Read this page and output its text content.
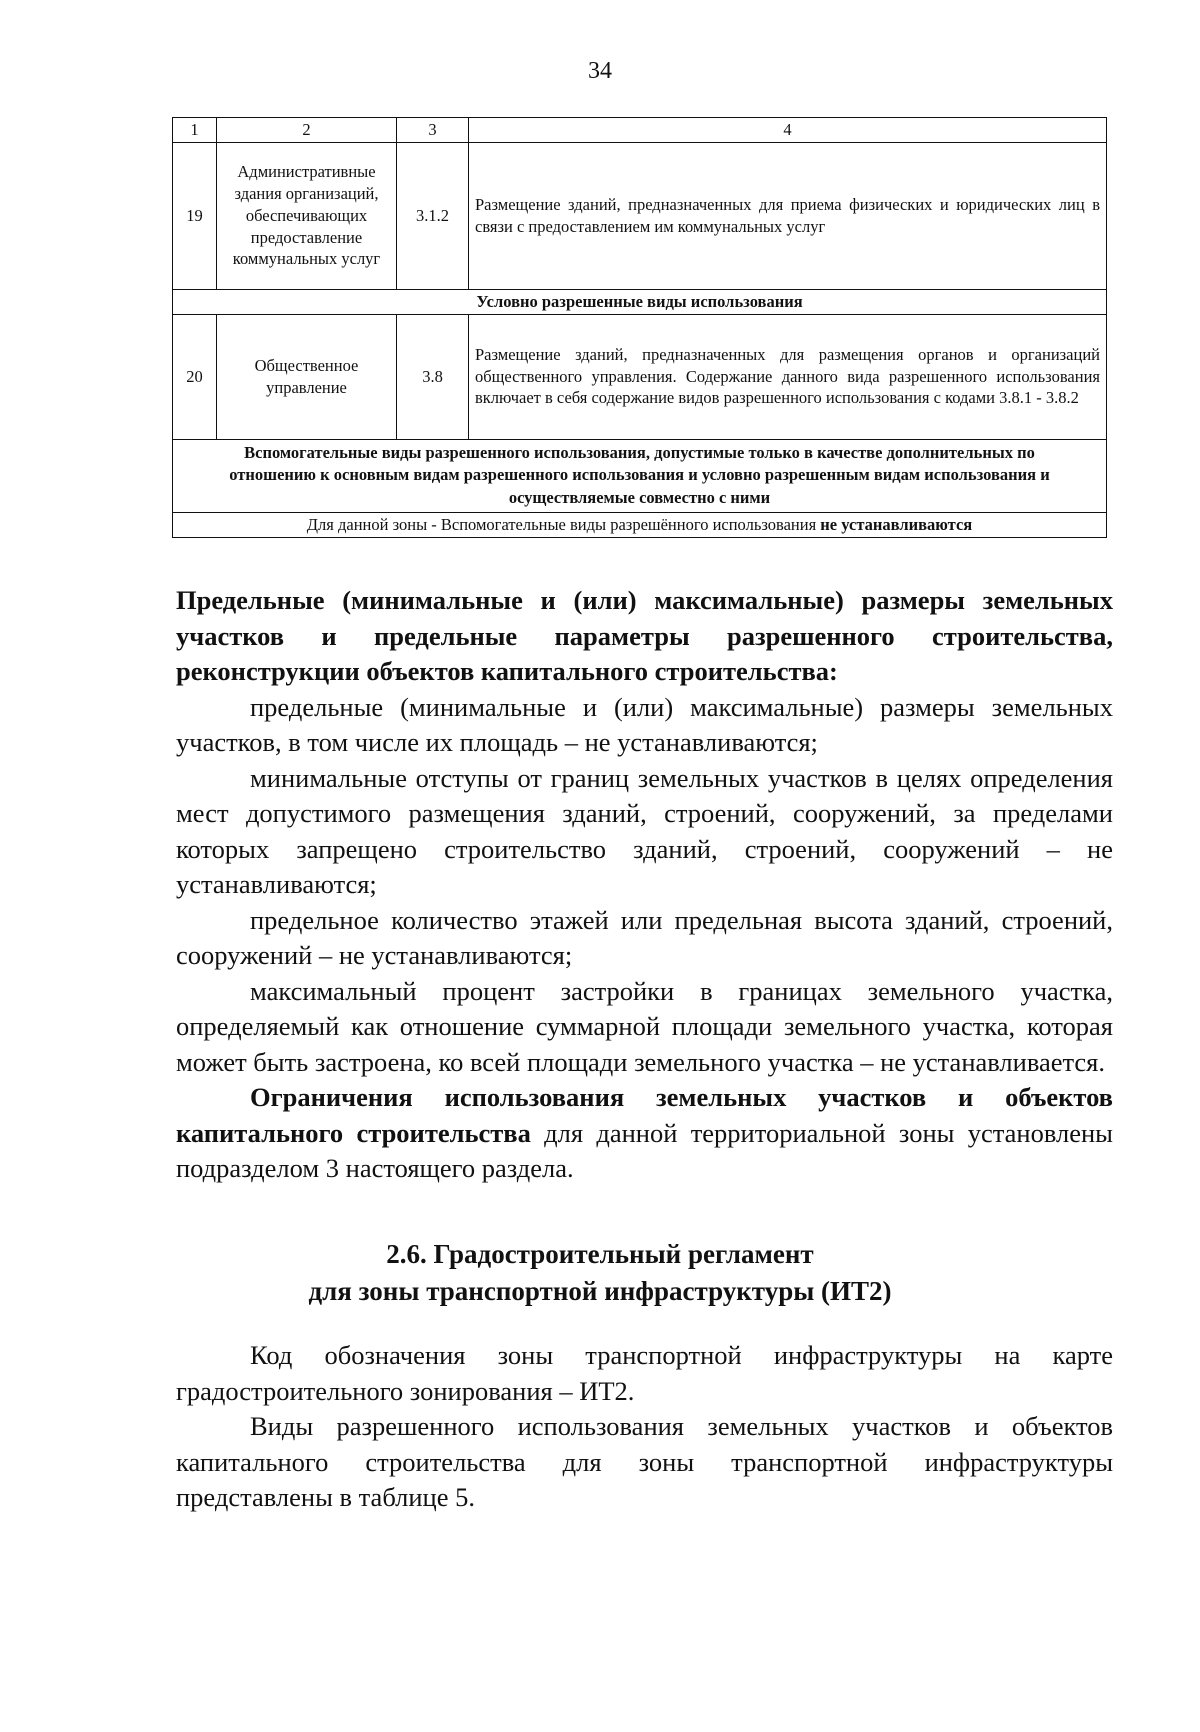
34
1	2	3	4
19	Административные здания организаций, обеспечивающих предоставление коммунальных услуг	3.1.2	Размещение зданий, предназначенных для приема физических и юридических лиц в связи с предоставлением им коммунальных услуг
Условно разрешенные виды использования			
20	Общественное управление	3.8	Размещение зданий, предназначенных для размещения органов и организаций общественного управления. Содержание данного вида разрешенного использования включает в себя содержание видов разрешенного использования с кодами 3.8.1 - 3.8.2
Вспомогательные виды разрешенного использования, допустимые только в качестве дополнительных по отношению к основным видам разрешенного использования и условно разрешенным видам использования и осуществляемые совместно с ними			
Для данной зоны - Вспомогательные виды разрешённого использования не устанавливаются			

Предельные (минимальные и (или) максимальные) размеры земельных участков и предельные параметры разрешенного строительства, реконструкции объектов капитального строительства:

предельные (минимальные и (или) максимальные) размеры земельных участков, в том числе их площадь – не устанавливаются;

минимальные отступы от границ земельных участков в целях определения мест допустимого размещения зданий, строений, сооружений, за пределами которых запрещено строительство зданий, строений, сооружений – не устанавливаются;

предельное количество этажей или предельная высота зданий, строений, сооружений – не устанавливаются;

максимальный процент застройки в границах земельного участка, определяемый как отношение суммарной площади земельного участка, которая может быть застроена, ко всей площади земельного участка – не устанавливается.

Ограничения использования земельных участков и объектов капитального строительства для данной территориальной зоны установлены подразделом 3 настоящего раздела.

2.6. Градостроительный регламент
для зоны транспортной инфраструктуры (ИТ2)

Код обозначения зоны транспортной инфраструктуры на карте градостроительного зонирования – ИТ2.

Виды разрешенного использования земельных участков и объектов капитального строительства для зоны транспортной инфраструктуры представлены в таблице 5.
